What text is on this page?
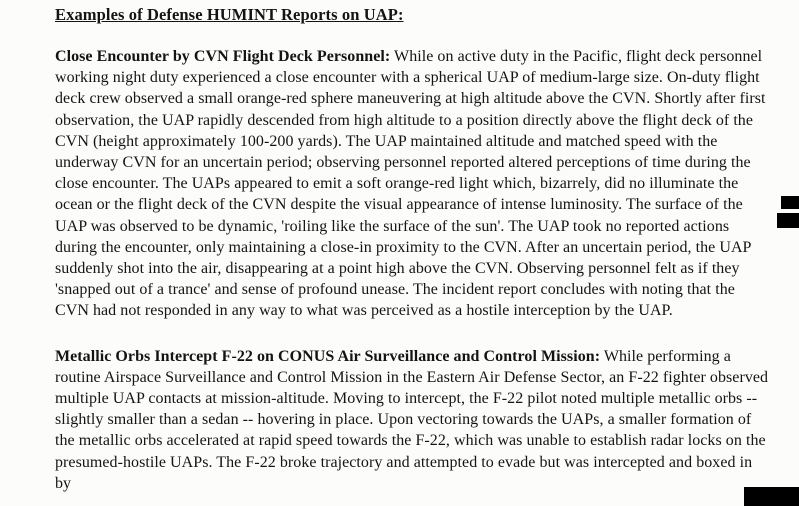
Examples of Defense HUMINT Reports on UAP:

Close Encounter by CVN Flight Deck Personnel: While on active duty in the Pacific, flight deck personnel working night duty experienced a close encounter with a spherical UAP of medium-large size. On-duty flight deck crew observed a small orange-red sphere maneuvering at high altitude above the CVN. Shortly after first observation, the UAP rapidly descended from high altitude to a position directly above the flight deck of the CVN (height approximately 100-200 yards). The UAP maintained altitude and matched speed with the underway CVN for an uncertain period; observing personnel reported altered perceptions of time during the close encounter. The UAPs appeared to emit a soft orange-red light which, bizarrely, did no illuminate the ocean or the flight deck of the CVN despite the visual appearance of intense luminosity. The surface of the UAP was observed to be dynamic, 'roiling like the surface of the sun'. The UAP took no reported actions during the encounter, only maintaining a close-in proximity to the CVN. After an uncertain period, the UAP suddenly shot into the air, disappearing at a point high above the CVN. Observing personnel felt as if they 'snapped out of a trance' and sense of profound unease. The incident report concludes with noting that the CVN had not responded in any way to what was perceived as a hostile interception by the UAP.

Metallic Orbs Intercept F-22 on CONUS Air Surveillance and Control Mission: While performing a routine Airspace Surveillance and Control Mission in the Eastern Air Defense Sector, an F-22 fighter observed multiple UAP contacts at mission-altitude. Moving to intercept, the F-22 pilot noted multiple metallic orbs -- slightly smaller than a sedan -- hovering in place. Upon vectoring towards the UAPs, a smaller formation of the metallic orbs accelerated at rapid speed towards the F-22, which was unable to establish radar locks on the presumed-hostile UAPs. The F-22 broke trajectory and attempted to evade but was intercepted and boxed in by
